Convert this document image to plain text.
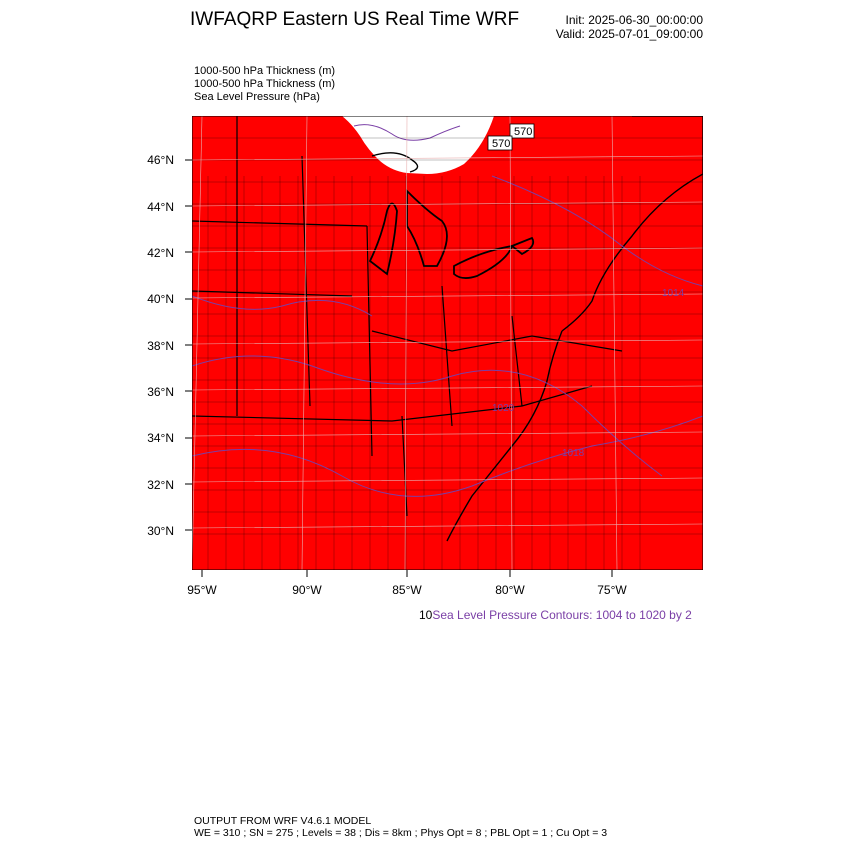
IWFAQRP Eastern US Real Time WRF	Init: 2025-06-30_00:00:00
Valid: 2025-07-01_09:00:00
1000-500 hPa Thickness (m)
1000-500 hPa Thickness (m)
Sea Level Pressure (hPa)
570
570
1014
1018
1020
46°N
44°N
42°N
40°N
38°N
36°N
34°N
32°N
30°N
95°W	90°W	85°W	80°W	75°W
10Sea Level Pressure Contours: 1004 to 1020 by 2
OUTPUT FROM WRF V4.6.1 MODEL
WE = 310 ; SN = 275 ; Levels = 38 ; Dis = 8km ; Phys Opt = 8 ; PBL Opt = 1 ; Cu Opt = 3
